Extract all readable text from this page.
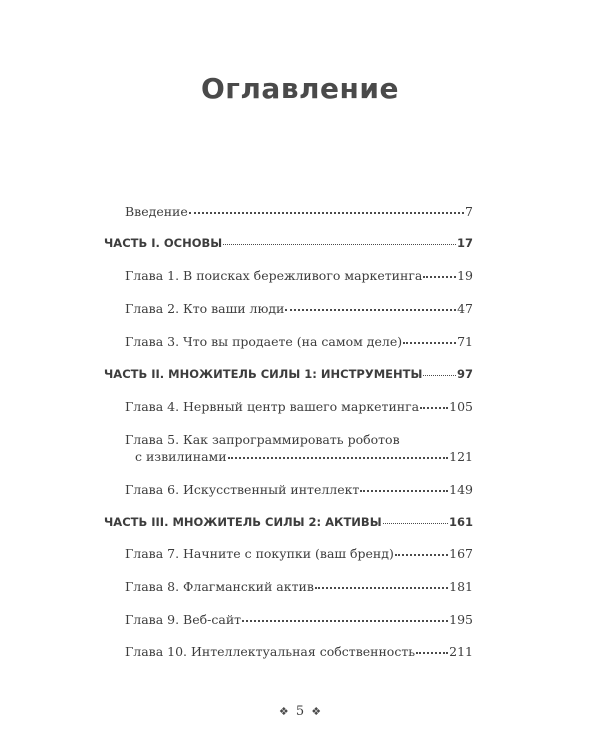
Оглавление
Введение	7
ЧАСТЬ I. ОСНОВЫ	17
Глава 1. В поисках бережливого маркетинга	19
Глава 2. Кто ваши люди	47
Глава 3. Что вы продаете (на самом деле)	71
ЧАСТЬ II. МНОЖИТЕЛЬ СИЛЫ 1: ИНСТРУМЕНТЫ	97
Глава 4. Нервный центр вашего маркетинга 105
Глава 5. Как запрограммировать роботов
с извилинами	121
Глава 6. Искусственный интеллект	149
ЧАСТЬ III. МНОЖИТЕЛЬ СИЛЫ 2: АКТИВЫ	161
Глава 7. Начните с покупки (ваш бренд)	167
Глава 8. Флагманский актив	181
Глава 9. Веб-сайт	195
Глава 10. Интеллектуальная собственность	211
❖ 5 ❖
